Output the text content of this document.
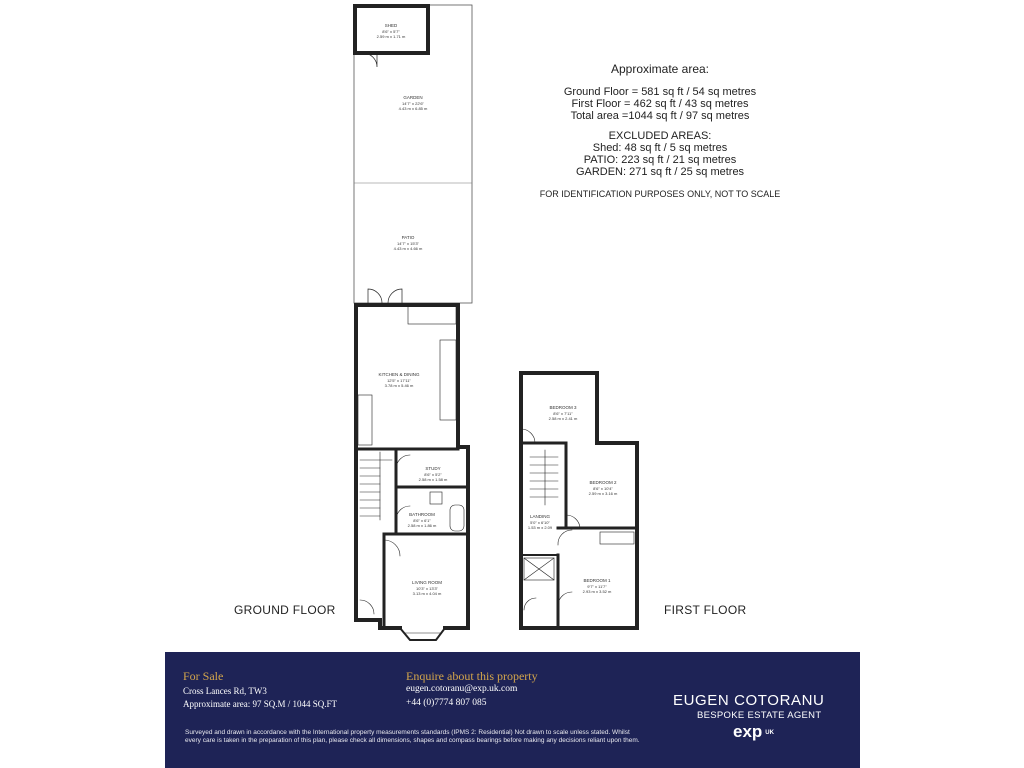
SHED
8'6" x 5'7"
2.59 m x 1.71 m
GARDEN
14'7" x 22'6"
4.43 m x 6.85 m
PATIO
14'7" x 15'3"
4.43 m x 4.66 m
KITCHEN & DINING
12'5" x 17'11"
3.78 m x 5.46 m
STUDY
8'6" x 5'2"
2.58 m x 1.58 m
BATHROOM
8'6" x 6'1"
2.58 m x 1.86 m
LIVING ROOM
10'3" x 13'3"
3.13 m x 4.04 m
BEDROOM 3
8'6" x 7'11"
2.58 m x 2.41 m
BEDROOM 2
8'6" x 10'4"
2.59 m x 3.16 m
LANDING
5'0" x 6'10"
1.53 m x 2.09
BEDROOM 1
9'7" x 11'7"
2.93 m x 3.52 m
Approximate area:
Ground Floor = 581 sq ft / 54 sq metres
First Floor = 462 sq ft / 43 sq metres
Total area =1044 sq ft / 97 sq metres
EXCLUDED AREAS:
Shed: 48 sq ft / 5 sq metres
PATIO: 223 sq ft / 21 sq metres
GARDEN: 271 sq ft / 25 sq metres
FOR IDENTIFICATION PURPOSES ONLY, NOT TO SCALE
GROUND FLOOR	FIRST FLOOR
For Sale
Cross Lances Rd, TW3
Approximate area: 97 SQ.M / 1044 SQ.FT
Enquire about this property
eugen.cotoranu@exp.uk.com
+44 (0)7774 807 085	EUGEN COTORANU
BESPOKE ESTATE AGENT
exp UK
Surveyed and drawn in accordance with the International property measurements standards (IPMS 2: Residential) Not drawn to scale unless stated. Whilst every care is taken in the preparation of this plan, please check all dimensions, shapes and compass bearings before making any decisions reliant upon them.
